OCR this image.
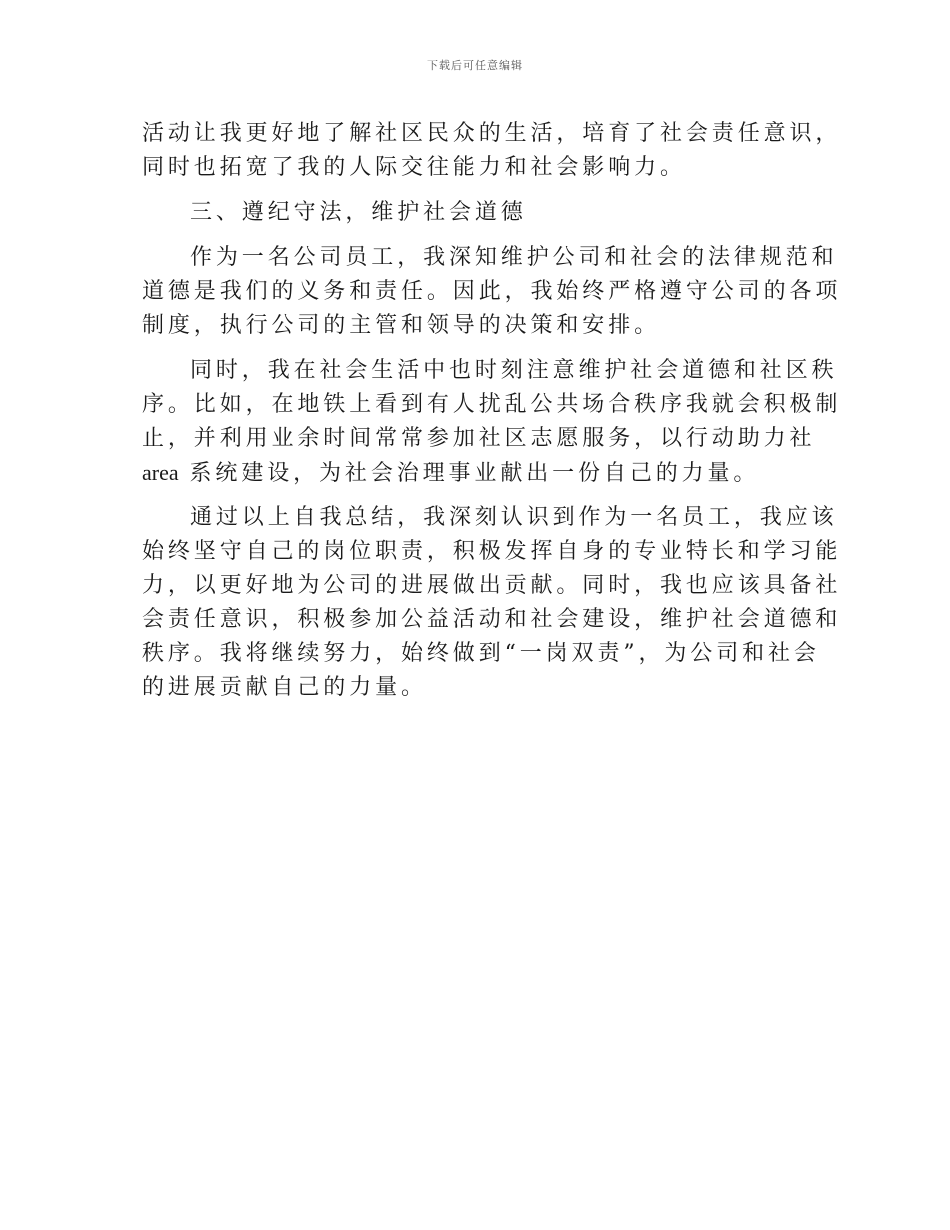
下载后可任意编辑
活动让我更好地了解社区民众的生活，培育了社会责任意识，
同时也拓宽了我的人际交往能力和社会影响力。
三、遵纪守法，维护社会道德
作为一名公司员工，我深知维护公司和社会的法律规范和
道德是我们的义务和责任。因此，我始终严格遵守公司的各项
制度，执行公司的主管和领导的决策和安排。
同时，我在社会生活中也时刻注意维护社会道德和社区秩
序。比如，在地铁上看到有人扰乱公共场合秩序我就会积极制
止，并利用业余时间常常参加社区志愿服务，以行动助力社
area 系统建设，为社会治理事业献出一份自己的力量。
通过以上自我总结，我深刻认识到作为一名员工，我应该
始终坚守自己的岗位职责，积极发挥自身的专业特长和学习能
力，以更好地为公司的进展做出贡献。同时，我也应该具备社
会责任意识，积极参加公益活动和社会建设，维护社会道德和
秩序。我将继续努力，始终做到“一岗双责”，为公司和社会
的进展贡献自己的力量。
